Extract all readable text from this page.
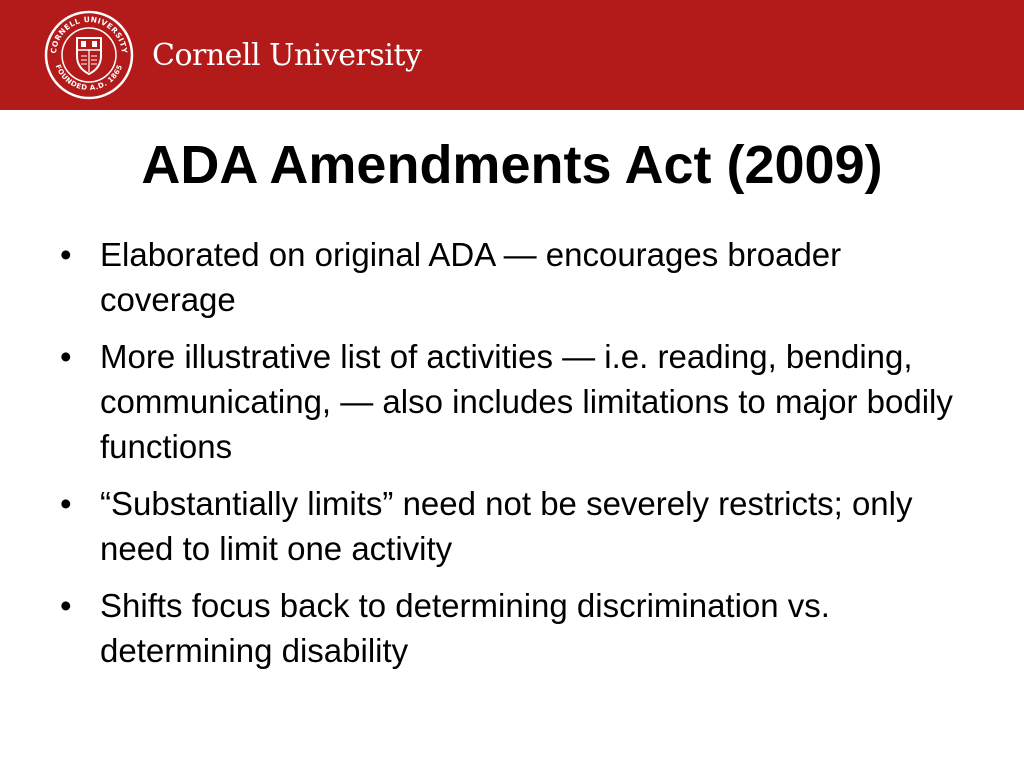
CORNELL UNIVERSITY
FOUNDED A.D. 1865 Cornell University
ADA Amendments Act (2009)
• Elaborated on original ADA — encourages broader coverage
• More illustrative list of activities — i.e. reading, bending, communicating, — also includes limitations to major bodily functions
• “Substantially limits” need not be severely restricts; only need to limit one activity
• Shifts focus back to determining discrimination vs. determining disability
